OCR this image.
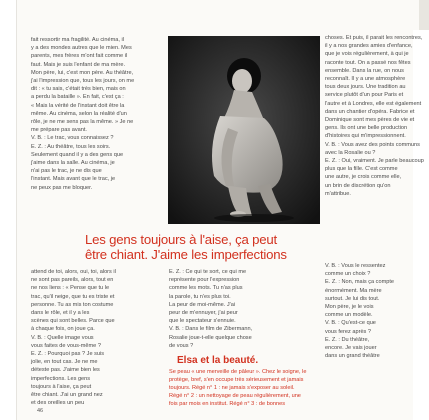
fait ressortir ma fragilité. Au cinéma, il
y a des mondes autres que le mien. Mes
parents, mes frères m'ont fait comme il
faut. Mais je suis l'enfant de ma mère.
Mon père, lui, c'est mon père. Au théâtre,
j'ai l'impression que, tous les jours, on me
dit : « tu sais, c'était très bien, mais on
a perdu la bataille ». En fait, c'est ça :
« Mais la vérité de l'instant doit être la
même. Au cinéma, selon la réalité d'un
rôle, je ne me sens pas la même. » Je ne
me prépare pas avant.
V. B. : Le trac, vous connaissez ?
E. Z. : Au théâtre, tous les soirs.
Seulement quand il y a des gens que
j'aime dans la salle. Au cinéma, je
n'ai pas le trac, je ne dis que
l'instant. Mais avant que le trac, je
ne peux pas me bloquer.
choses. Et puis, il parait les rencontres,
il y a nos grandes amies d'enfance,
que je vois régulièrement, à qui je
raconte tout. On a passé nos fêtes
ensemble. Dans la rue, on nous
reconnaît. Il y a une atmosphère
tous deux jours. Une tradition au
service plutôt d'un pour Paris et
l'autre et à Londres, elle est également
dans un chantier d'opéra. Fabrice et
Dominique sont mes pères de vie et
gens. Ils ont une belle production
d'histoires qui m'impressionnent.
V. B. : Vous avez des points communs
avec la Rosalie ou ?
E. Z. : Oui, vraiment. Je parle beaucoup
plus que la fille. C'est comme
une autre, je crois comme elle,
un brin de discrétion qu'on
m'attribue.
Les gens toujours à l'aise, ça peut
être chiant. J'aime les imperfections
attend de toi, alors, oui, toi, alors il
ne sont pas pareils, alors, tout en
ne nos liens : « Pense que tu le
trac, qu'il neige, que tu es triste et
personne. Tu as mis ton costume
dans le rôle, et il y a les
scènes qui sont belles. Parce que
à chaque fois, on joue ça.
V. B. : Quelle image vous
vous faites de vous-même ?
E. Z. : Pourquoi pas ? Je suis
jolie, en tout cas. Je ne me
déteste pas. J'aime bien les
imperfections. Les gens
toujours à l'aise, ça peut
être chiant. J'ai un grand nez
et des oreilles un peu
E. Z. : Ce qui te sort, ce qui me
représente pour l'expression
comme les mots. Tu n'as plus
la parole, tu n'es plus toi.
La peur de moi-même. J'ai
peur de m'ennuyer, j'ai peur
que le spectateur s'ennuie.
V. B. : Dans le film de Zibermann,
Rosalie joue-t-elle quelque chose
de vous ?
V. B. : Vous le ressentez
comme un choix ?
E. Z. : Non, mais ça compte
énormément. Ma mère
surtout. Je lui dis tout.
Mon père, je le vois
comme un modèle.
V. B. : Qu'est-ce que
vous ferez après ?
E. Z. : Du théâtre,
encore. Je vais jouer
dans un grand théâtre
Elsa et la beauté.
Se peau « une merveille de pâleur ». Chez le soigne, le
protège, bref, s'en occupe très sérieusement et jamais
toujours. Régé n° 1 : ne jamais s'exposer au soleil.
Régé n° 2 : un nettoyage de peau régulièrement, une
fois par mois en institut. Régé n° 3 : de bonnes
46
